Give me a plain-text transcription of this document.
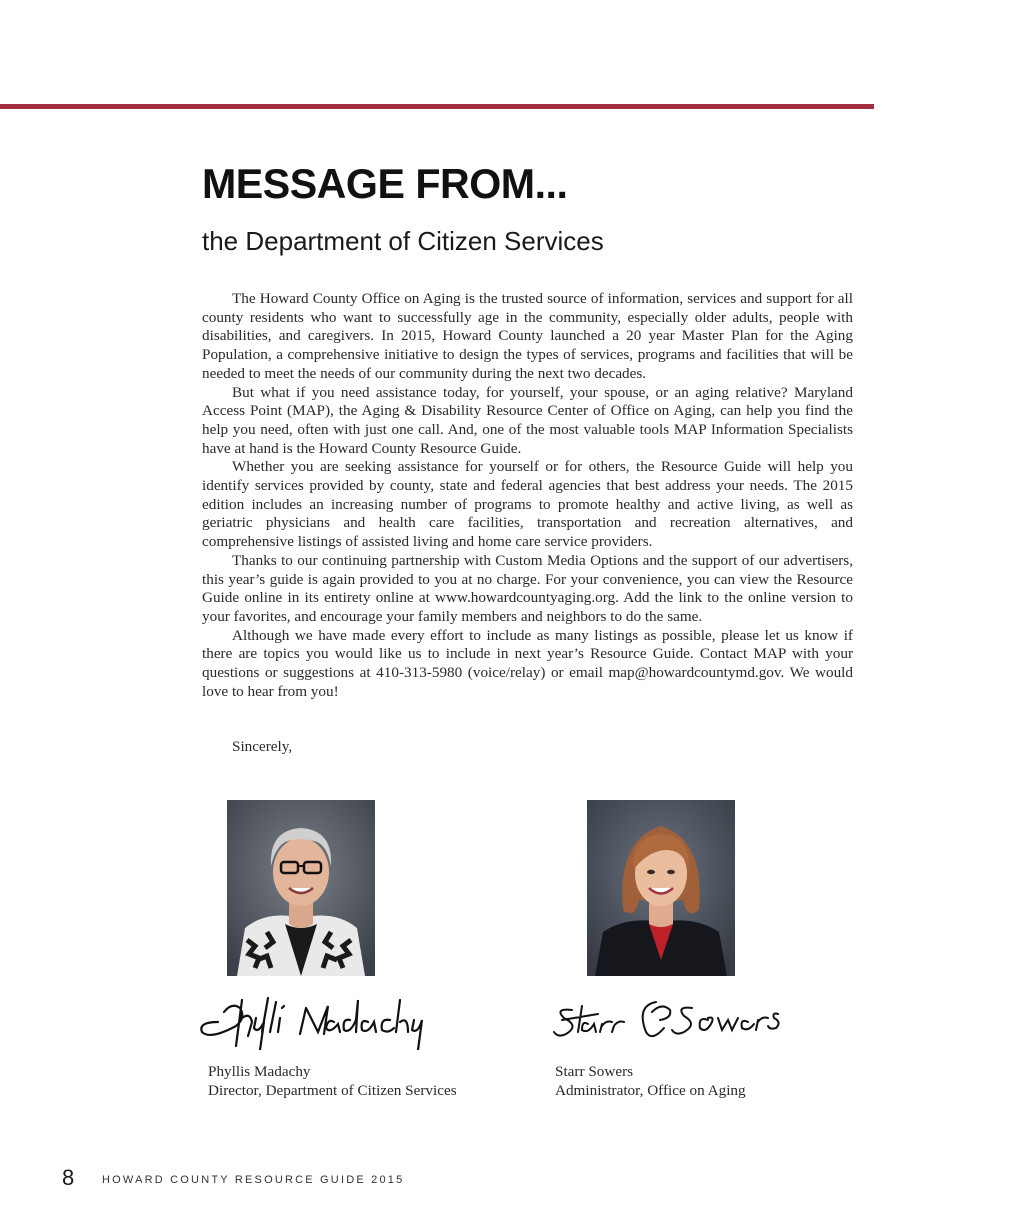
MESSAGE FROM...
the Department of Citizen Services

The Howard County Office on Aging is the trusted source of information, services and support for all county residents who want to successfully age in the community, especially older adults, people with disabilities, and caregivers. In 2015, Howard County launched a 20 year Master Plan for the Aging Population, a comprehensive initiative to design the types of services, programs and facilities that will be needed to meet the needs of our community during the next two decades.

But what if you need assistance today, for yourself, your spouse, or an aging relative? Maryland Access Point (MAP), the Aging & Disability Resource Center of Office on Aging, can help you find the help you need, often with just one call. And, one of the most valuable tools MAP Information Specialists have at hand is the Howard County Resource Guide.

Whether you are seeking assistance for yourself or for others, the Resource Guide will help you identify services provided by county, state and federal agencies that best address your needs. The 2015 edition includes an increasing number of programs to promote healthy and active living, as well as geriatric physicians and health care facilities, transportation and recreation alternatives, and comprehensive listings of assisted living and home care service providers.

Thanks to our continuing partnership with Custom Media Options and the support of our advertisers, this year’s guide is again provided to you at no charge. For your convenience, you can view the Resource Guide online in its entirety online at www.howardcountyaging.org. Add the link to the online version to your favorites, and encourage your family members and neighbors to do the same.

Although we have made every effort to include as many listings as possible, please let us know if there are topics you would like us to include in next year’s Resource Guide. Contact MAP with your questions or suggestions at 410-313-5980 (voice/relay) or email map@howardcountymd.gov. We would love to hear from you!

Sincerely,
Phyllis Madachy
Director, Department of Citizen Services
Starr Sowers
Administrator, Office on Aging
8	HOWARD COUNTY RESOURCE GUIDE 2015
